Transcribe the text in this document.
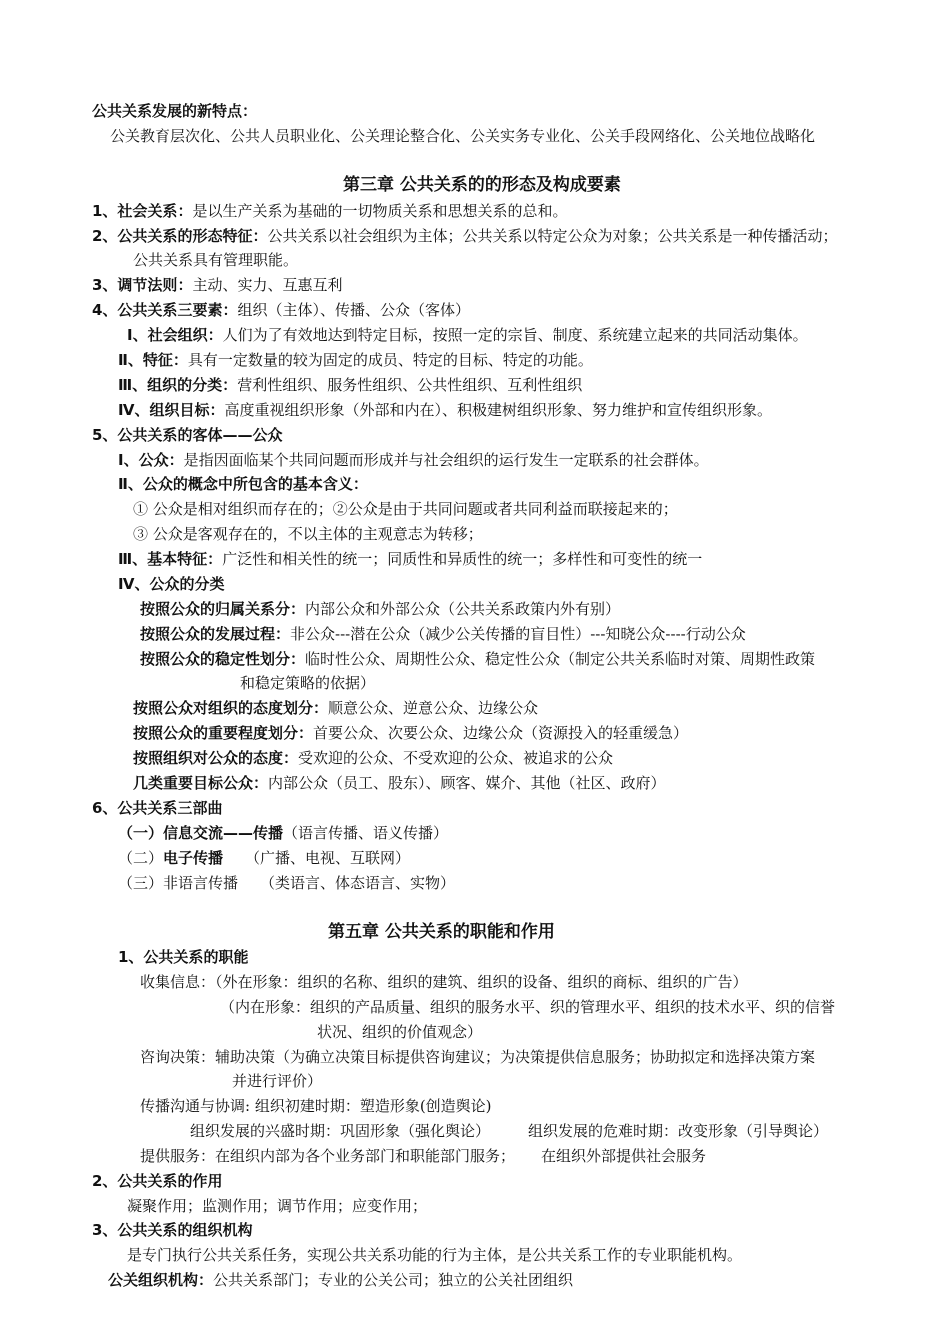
公共关系发展的新特点：
公关教育层次化、公共人员职业化、公关理论整合化、公关实务专业化、公关手段网络化、公关地位战略化
第三章 公共关系的的形态及构成要素
1、社会关系：是以生产关系为基础的一切物质关系和思想关系的总和。
2、公共关系的形态特征：公共关系以社会组织为主体；公共关系以特定公众为对象；公共关系是一种传播活动；
公共关系具有管理职能。
3、调节法则：主动、实力、互惠互利
4、公共关系三要素：组织（主体）、传播、公众（客体）
Ⅰ、社会组织：人们为了有效地达到特定目标，按照一定的宗旨、制度、系统建立起来的共同活动集体。
Ⅱ、特征：具有一定数量的较为固定的成员、特定的目标、特定的功能。
Ⅲ、组织的分类：营利性组织、服务性组织、公共性组织、互利性组织
Ⅳ、组织目标：高度重视组织形象（外部和内在）、积极建树组织形象、努力维护和宣传组织形象。
5、公共关系的客体——公众
Ⅰ、公众：是指因面临某个共同问题而形成并与社会组织的运行发生一定联系的社会群体。
Ⅱ、公众的概念中所包含的基本含义：
① 公众是相对组织而存在的；②公众是由于共同问题或者共同利益而联接起来的；
③ 公众是客观存在的，不以主体的主观意志为转移；
Ⅲ、基本特征：广泛性和相关性的统一；同质性和异质性的统一；多样性和可变性的统一
Ⅳ、公众的分类
按照公众的归属关系分：内部公众和外部公众（公共关系政策内外有别）
按照公众的发展过程：非公众---潜在公众（减少公关传播的盲目性）---知晓公众----行动公众
按照公众的稳定性划分：临时性公众、周期性公众、稳定性公众（制定公共关系临时对策、周期性政策
和稳定策略的依据）
按照公众对组织的态度划分：顺意公众、逆意公众、边缘公众
按照公众的重要程度划分：首要公众、次要公众、边缘公众（资源投入的轻重缓急）
按照组织对公众的态度：受欢迎的公众、不受欢迎的公众、被追求的公众
几类重要目标公众：内部公众（员工、股东）、顾客、媒介、其他（社区、政府）
6、公共关系三部曲
（一）信息交流——传播（语言传播、语义传播）
（二）电子传播 （广播、电视、互联网）
（三）非语言传播 （类语言、体态语言、实物）
第五章 公共关系的职能和作用
1、公共关系的职能
收集信息：（外在形象：组织的名称、组织的建筑、组织的设备、组织的商标、组织的广告）
（内在形象：组织的产品质量、组织的服务水平、织的管理水平、组织的技术水平、织的信誉
状况、组织的价值观念）
咨询决策：辅助决策（为确立决策目标提供咨询建议；为决策提供信息服务；协助拟定和选择决策方案
并进行评价）
传播沟通与协调: 组织初建时期：塑造形象(创造舆论)
组织发展的兴盛时期：巩固形象（强化舆论）	组织发展的危难时期：改变形象（引导舆论）
提供服务：在组织内部为各个业务部门和职能部门服务； 在组织外部提供社会服务
2、公共关系的作用
凝聚作用；监测作用；调节作用；应变作用；
3、公共关系的组织机构
是专门执行公共关系任务，实现公共关系功能的行为主体，是公共关系工作的专业职能机构。
公关组织机构：公共关系部门；专业的公关公司；独立的公关社团组织
